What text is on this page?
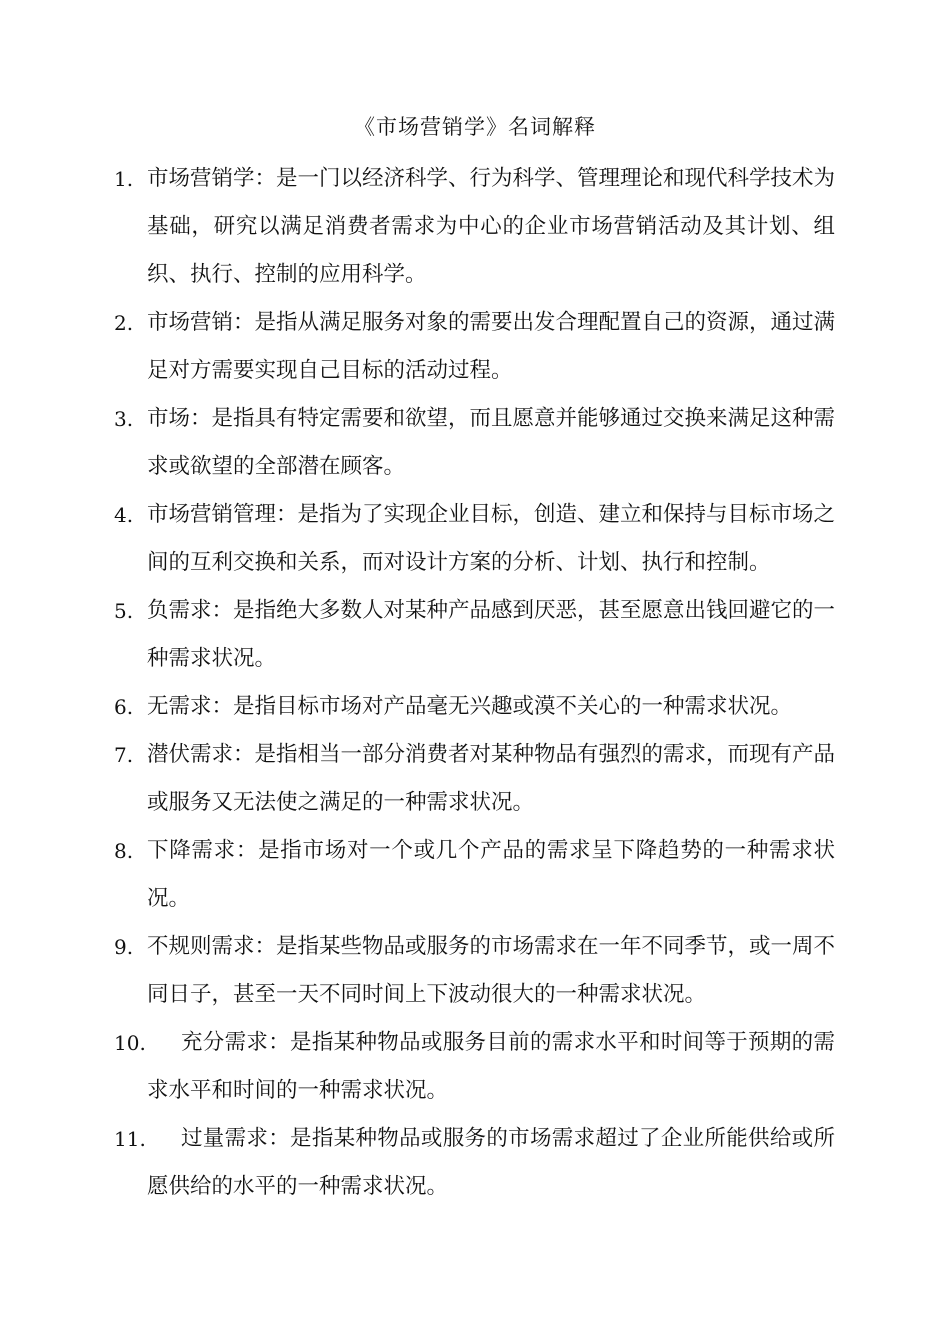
《市场营销学》名词解释
1. 市场营销学：是一门以经济科学、行为科学、管理理论和现代科学技术为基础，研究以满足消费者需求为中心的企业市场营销活动及其计划、组织、执行、控制的应用科学。
2. 市场营销：是指从满足服务对象的需要出发合理配置自己的资源，通过满足对方需要实现自己目标的活动过程。
3. 市场：是指具有特定需要和欲望，而且愿意并能够通过交换来满足这种需求或欲望的全部潜在顾客。
4. 市场营销管理：是指为了实现企业目标，创造、建立和保持与目标市场之间的互利交换和关系，而对设计方案的分析、计划、执行和控制。
5. 负需求：是指绝大多数人对某种产品感到厌恶，甚至愿意出钱回避它的一种需求状况。
6. 无需求：是指目标市场对产品毫无兴趣或漠不关心的一种需求状况。
7. 潜伏需求：是指相当一部分消费者对某种物品有强烈的需求，而现有产品或服务又无法使之满足的一种需求状况。
8. 下降需求：是指市场对一个或几个产品的需求呈下降趋势的一种需求状况。
9. 不规则需求：是指某些物品或服务的市场需求在一年不同季节，或一周不同日子，甚至一天不同时间上下波动很大的一种需求状况。
10.	充分需求：是指某种物品或服务目前的需求水平和时间等于预期的需求水平和时间的一种需求状况。
11.	过量需求：是指某种物品或服务的市场需求超过了企业所能供给或所愿供给的水平的一种需求状况。
